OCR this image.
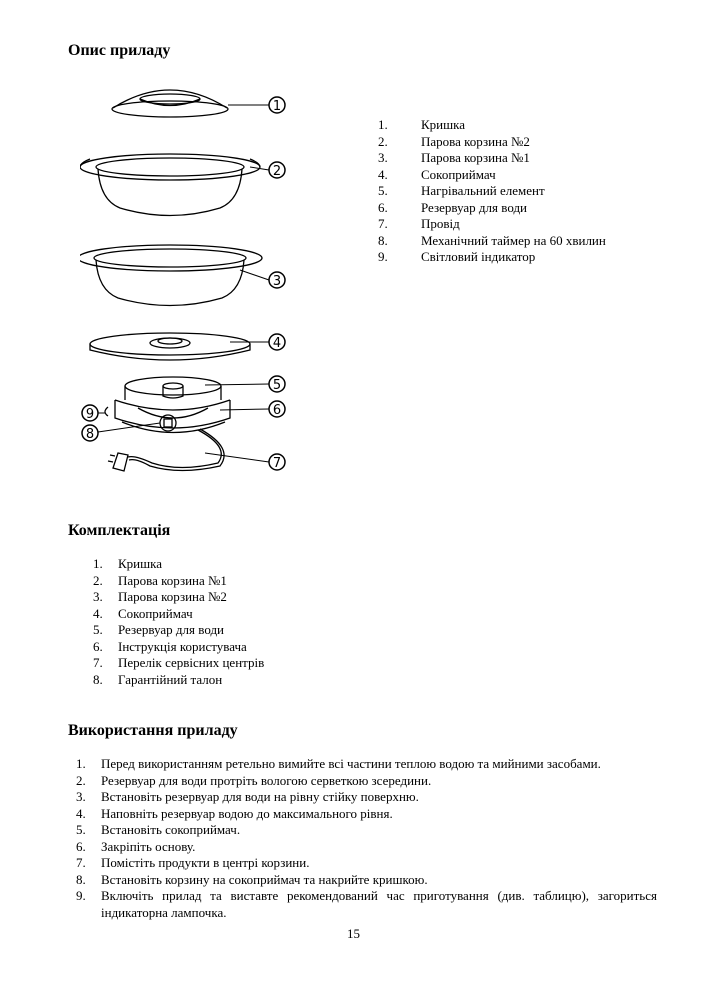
Опис приладу
1
2
3
4
5
6
7
8
9
1.	Кришка
2.	Парова корзина №2
3.	Парова корзина №1
4.	Сокоприймач
5.	Нагрівальний елемент
6.	Резервуар для води
7.	Провід
8.	Механічний таймер на 60 хвилин
9.	Світловий індикатор
Комплектація
1. Кришка
2. Парова корзина №1
3. Парова корзина №2
4. Сокоприймач
5. Резервуар для води
6. Інструкція користувача
7. Перелік сервісних центрів
8. Гарантійний талон
Використання приладу
1. Перед використанням ретельно вимийте всі частини теплою водою та мийними засобами.
2. Резервуар для води протріть вологою серветкою зсередини.
3. Встановіть резервуар для води на рівну стійку поверхню.
4. Наповніть резервуар водою до максимального рівня.
5. Встановіть сокоприймач.
6. Закріпіть основу.
7. Помістіть продукти в центрі корзини.
8. Встановіть корзину на сокоприймач та накрийте кришкою.
9. Включіть прилад та виставте рекомендований час приготування (див. таблицю), загориться індикаторна лампочка.
15
